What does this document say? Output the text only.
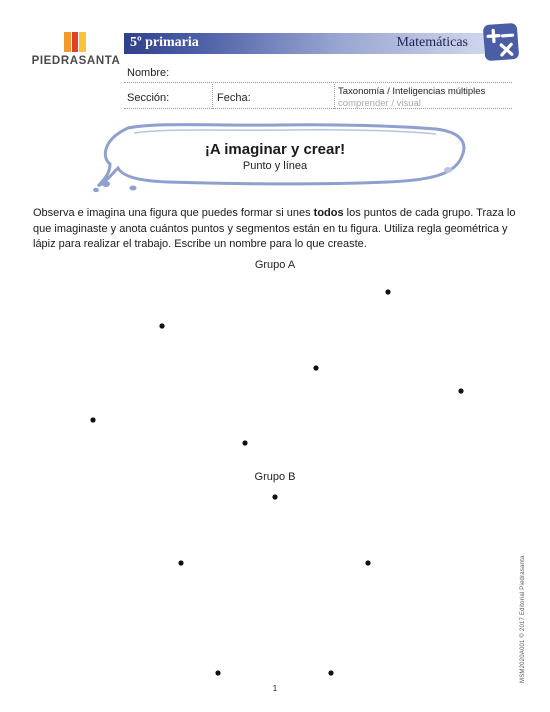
PIEDRASANTA
5º primaria	Matemáticas
Nombre:
Sección:	Fecha:
Taxonomía / Inteligencias múltiples
comprender / visual
¡A imaginar y crear!
Punto y línea
Observa e imagina una figura que puedes formar si unes todos los puntos de cada grupo. Traza lo que imaginaste y anota cuántos puntos y segmentos están en tu figura. Utiliza regla geométrica y lápiz para realizar el trabajo. Escribe un nombre para lo que creaste.
Grupo A
Grupo B
MSM2020A001 © 2017 Editorial Piedrasanta
1
